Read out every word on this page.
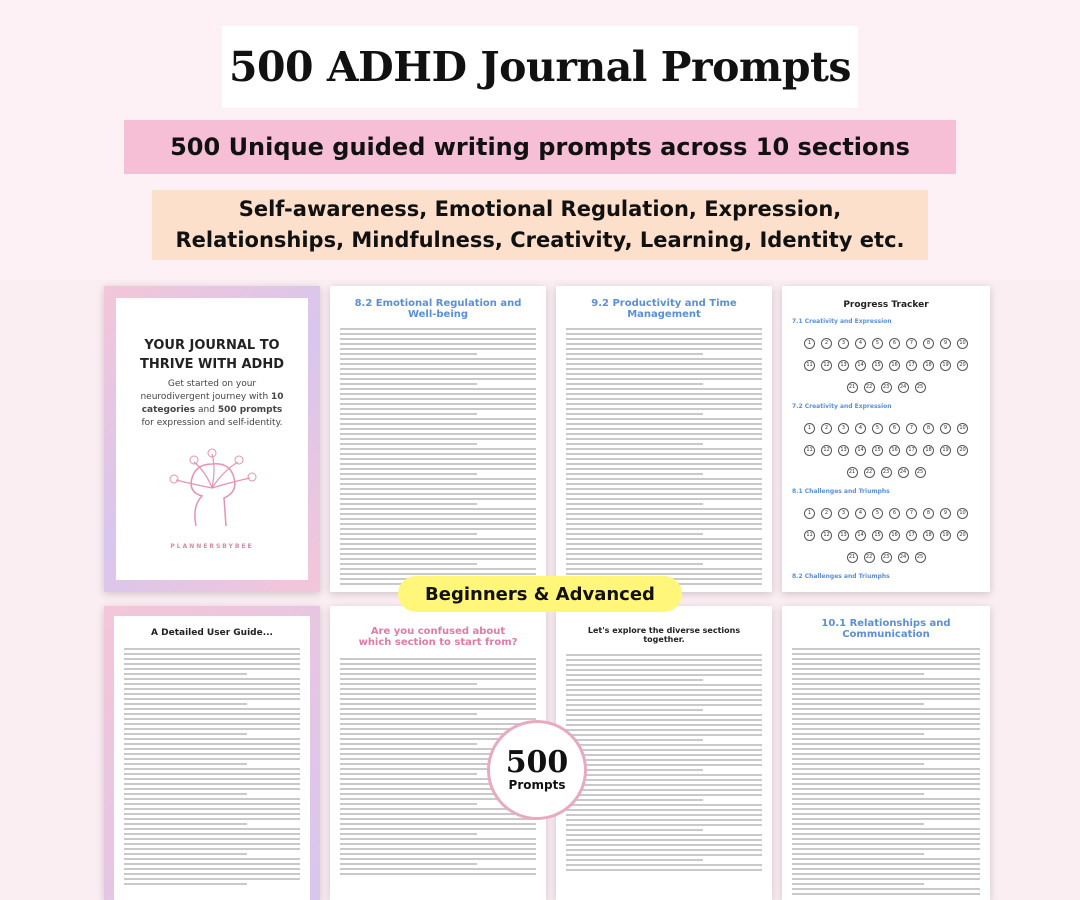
500 ADHD Journal Prompts
500 Unique guided writing prompts across 10 sections
Self-awareness, Emotional Regulation, Expression,
Relationships, Mindfulness, Creativity, Learning, Identity etc.
YOUR JOURNAL TO THRIVE WITH ADHD
Get started on your neurodivergent journey with 10 categories and 500 prompts for expression and self-identity.
PLANNERSBYBEE
8.2 Emotional Regulation and Well-being
9.2 Productivity and Time Management
Progress Tracker
7.1 Creativity and Expression
1	2	3	4	5	6	7	8	9 10
11 12 13 14 15 16 17 18 19 20
21 22 23 24 25
7.2 Creativity and Expression
1	2	3	4	5	6	7	8	9 10
11 12 13 14 15 16 17 18 19 20
21 22 23 24 25
8.1 Challenges and Triumphs
1	2	3	4	5	6	7	8	9 10
11 12 13 14 15 16 17 18 19 20
21 22 23 24 25
8.2 Challenges and Triumphs

A Detailed User Guide...	Are you confused about which section to start from?
Let's explore the diverse sections together.
10.1 Relationships and Communication
Beginners & Advanced
500
Prompts
